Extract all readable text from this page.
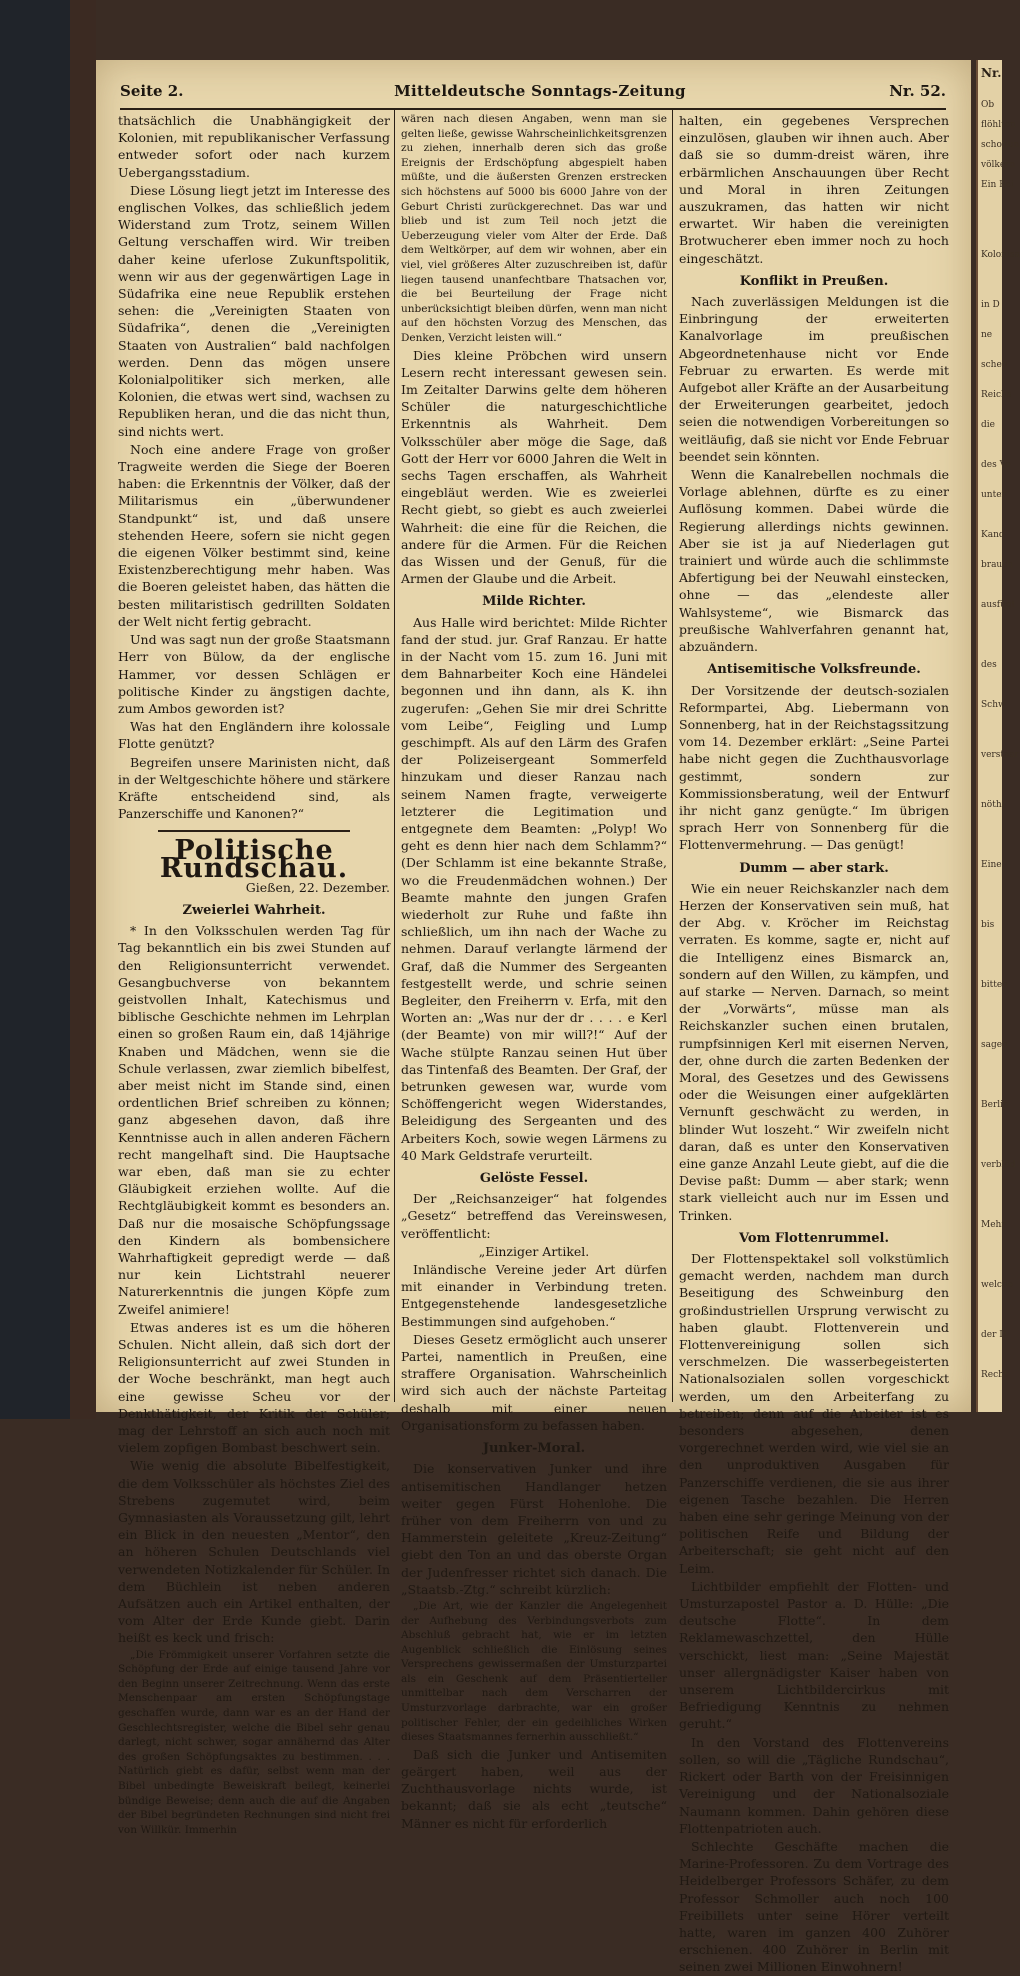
Seite 2.	Mitteldeutsche Sonntags-Zeitung	Nr. 52.

thatsächlich die Unabhängigkeit der Kolonien, mit republikanischer Verfassung entweder sofort oder nach kurzem Uebergangsstadium.

Diese Lösung liegt jetzt im Interesse des englischen Volkes, das schließlich jedem Widerstand zum Trotz, seinem Willen Geltung verschaffen wird. Wir treiben daher keine uferlose Zukunftspolitik, wenn wir aus der gegenwärtigen Lage in Südafrika eine neue Republik erstehen sehen: die „Vereinigten Staaten von Südafrika“, denen die „Vereinigten Staaten von Australien“ bald nachfolgen werden. Denn das mögen unsere Kolonialpolitiker sich merken, alle Kolonien, die etwas wert sind, wachsen zu Republiken heran, und die das nicht thun, sind nichts wert.

Noch eine andere Frage von großer Tragweite werden die Siege der Boeren haben: die Erkenntnis der Völker, daß der Militarismus ein „überwundener Standpunkt“ ist, und daß unsere stehenden Heere, sofern sie nicht gegen die eigenen Völker bestimmt sind, keine Existenzberechtigung mehr haben. Was die Boeren geleistet haben, das hätten die besten militaristisch gedrillten Soldaten der Welt nicht fertig gebracht.

Und was sagt nun der große Staatsmann Herr von Bülow, da der englische Hammer, vor dessen Schlägen er politische Kinder zu ängstigen dachte, zum Ambos geworden ist?

Was hat den Engländern ihre kolossale Flotte genützt?

Begreifen unsere Marinisten nicht, daß in der Weltgeschichte höhere und stärkere Kräfte entscheidend sind, als Panzerschiffe und Kanonen?“

Politische Rundschau.

Gießen, 22. Dezember.

Zweierlei Wahrheit.

* In den Volksschulen werden Tag für Tag bekanntlich ein bis zwei Stunden auf den Religionsunterricht verwendet. Gesangbuchverse von bekanntem geistvollen Inhalt, Katechismus und biblische Geschichte nehmen im Lehrplan einen so großen Raum ein, daß 14jährige Knaben und Mädchen, wenn sie die Schule verlassen, zwar ziemlich bibelfest, aber meist nicht im Stande sind, einen ordentlichen Brief schreiben zu können; ganz abgesehen davon, daß ihre Kenntnisse auch in allen anderen Fächern recht mangelhaft sind. Die Hauptsache war eben, daß man sie zu echter Gläubigkeit erziehen wollte. Auf die Rechtgläubigkeit kommt es besonders an. Daß nur die mosaische Schöpfungssage den Kindern als bombensichere Wahrhaftigkeit gepredigt werde — daß nur kein Lichtstrahl neuerer Naturerkenntnis die jungen Köpfe zum Zweifel animiere!

Etwas anderes ist es um die höheren Schulen. Nicht allein, daß sich dort der Religionsunterricht auf zwei Stunden in der Woche beschränkt, man hegt auch eine gewisse Scheu vor der Denkthätigkeit, der Kritik der Schüler; mag der Lehrstoff an sich auch noch mit vielem zopfigen Bombast beschwert sein.

Wie wenig die absolute Bibelfestigkeit, die dem Volksschüler als höchstes Ziel des Strebens zugemutet wird, beim Gymnasiasten als Voraussetzung gilt, lehrt ein Blick in den neuesten „Mentor“, den an höheren Schulen Deutschlands viel verwendeten Notizkalender für Schüler. In dem Büchlein ist neben anderen Aufsätzen auch ein Artikel enthalten, der vom Alter der Erde Kunde giebt. Darin heißt es keck und frisch:

„Die Frömmigkeit unserer Vorfahren setzte die Schöpfung der Erde auf einige tausend Jahre vor den Beginn unserer Zeitrechnung. Wenn das erste Menschenpaar am ersten Schöpfungstage geschaffen wurde, dann war es an der Hand der Geschlechtsregister, welche die Bibel sehr genau darlegt, nicht schwer, sogar annähernd das Alter des großen Schöpfungsaktes zu bestimmen. . . . Natürlich giebt es dafür, selbst wenn man der Bibel unbedingte Beweiskraft beilegt, keinerlei bündige Beweise; denn auch die auf die Angaben der Bibel begründeten Rechnungen sind nicht frei von Willkür. Immerhin

wären nach diesen Angaben, wenn man sie gelten ließe, gewisse Wahrscheinlichkeitsgrenzen zu ziehen, innerhalb deren sich das große Ereignis der Erdschöpfung abgespielt haben müßte, und die äußersten Grenzen erstrecken sich höchstens auf 5000 bis 6000 Jahre von der Geburt Christi zurückgerechnet. Das war und blieb und ist zum Teil noch jetzt die Ueberzeugung vieler vom Alter der Erde. Daß dem Weltkörper, auf dem wir wohnen, aber ein viel, viel größeres Alter zuzuschreiben ist, dafür liegen tausend unanfechtbare Thatsachen vor, die bei Beurteilung der Frage nicht unberücksichtigt bleiben dürfen, wenn man nicht auf den höchsten Vorzug des Menschen, das Denken, Verzicht leisten will.“

Dies kleine Pröbchen wird unsern Lesern recht interessant gewesen sein. Im Zeitalter Darwins gelte dem höheren Schüler die naturgeschichtliche Erkenntnis als Wahrheit. Dem Volksschüler aber möge die Sage, daß Gott der Herr vor 6000 Jahren die Welt in sechs Tagen erschaffen, als Wahrheit eingebläut werden. Wie es zweierlei Recht giebt, so giebt es auch zweierlei Wahrheit: die eine für die Reichen, die andere für die Armen. Für die Reichen das Wissen und der Genuß, für die Armen der Glaube und die Arbeit.

Milde Richter.

Aus Halle wird berichtet: Milde Richter fand der stud. jur. Graf Ranzau. Er hatte in der Nacht vom 15. zum 16. Juni mit dem Bahnarbeiter Koch eine Händelei begonnen und ihn dann, als K. ihn zugerufen: „Gehen Sie mir drei Schritte vom Leibe“, Feigling und Lump geschimpft. Als auf den Lärm des Grafen der Polizeisergeant Sommerfeld hinzukam und dieser Ranzau nach seinem Namen fragte, verweigerte letzterer die Legitimation und entgegnete dem Beamten: „Polyp! Wo geht es denn hier nach dem Schlamm?“ (Der Schlamm ist eine bekannte Straße, wo die Freudenmädchen wohnen.) Der Beamte mahnte den jungen Grafen wiederholt zur Ruhe und faßte ihn schließlich, um ihn nach der Wache zu nehmen. Darauf verlangte lärmend der Graf, daß die Nummer des Sergeanten festgestellt werde, und schrie seinen Begleiter, den Freiherrn v. Erfa, mit den Worten an: „Was nur der dr . . . . e Kerl (der Beamte) von mir will?!“ Auf der Wache stülpte Ranzau seinen Hut über das Tintenfaß des Beamten. Der Graf, der betrunken gewesen war, wurde vom Schöffengericht wegen Widerstandes, Beleidigung des Sergeanten und des Arbeiters Koch, sowie wegen Lärmens zu 40 Mark Geldstrafe verurteilt.

Gelöste Fessel.

Der „Reichsanzeiger“ hat folgendes „Gesetz“ betreffend das Vereinswesen, veröffentlicht:

„Einziger Artikel.

Inländische Vereine jeder Art dürfen mit einander in Verbindung treten. Entgegenstehende landesgesetzliche Bestimmungen sind aufgehoben.“

Dieses Gesetz ermöglicht auch unserer Partei, namentlich in Preußen, eine straffere Organisation. Wahrscheinlich wird sich auch der nächste Parteitag deshalb mit einer neuen Organisationsform zu befassen haben.

Junker-Moral.

Die konservativen Junker und ihre antisemitischen Handlanger hetzen weiter gegen Fürst Hohenlohe. Die früher von dem Freiherrn von und zu Hammerstein geleitete „Kreuz-Zeitung“ giebt den Ton an und das oberste Organ der Judenfresser richtet sich danach. Die „Staatsb.-Ztg.“ schreibt kürzlich:

„Die Art, wie der Kanzler die Angelegenheit der Aufhebung des Verbindungsverbots zum Abschluß gebracht hat, wie er im letzten Augenblick schließlich die Einlösung seines Versprechens gewissermaßen der Umsturzpartei als ein Geschenk auf dem Präsentierteller unmittelbar nach dem Verscharren der Umsturzvorlage darbrachte, war ein großer politischer Fehler, der ein gedeihliches Wirken dieses Staatsmannes fernerhin ausschließt.“

Daß sich die Junker und Antisemiten geärgert haben, weil aus der Zuchthausvorlage nichts wurde, ist bekannt; daß sie als echt „teutsche“ Männer es nicht für erforderlich

halten, ein gegebenes Versprechen einzulösen, glauben wir ihnen auch. Aber daß sie so dumm-dreist wären, ihre erbärmlichen Anschauungen über Recht und Moral in ihren Zeitungen auszukramen, das hatten wir nicht erwartet. Wir haben die vereinigten Brotwucherer eben immer noch zu hoch eingeschätzt.

Konflikt in Preußen.

Nach zuverlässigen Meldungen ist die Einbringung der erweiterten Kanalvorlage im preußischen Abgeordnetenhause nicht vor Ende Februar zu erwarten. Es werde mit Aufgebot aller Kräfte an der Ausarbeitung der Erweiterungen gearbeitet, jedoch seien die notwendigen Vorbereitungen so weitläufig, daß sie nicht vor Ende Februar beendet sein könnten.

Wenn die Kanalrebellen nochmals die Vorlage ablehnen, dürfte es zu einer Auflösung kommen. Dabei würde die Regierung allerdings nichts gewinnen. Aber sie ist ja auf Niederlagen gut trainiert und würde auch die schlimmste Abfertigung bei der Neuwahl einstecken, ohne — das „elendeste aller Wahlsysteme“, wie Bismarck das preußische Wahlverfahren genannt hat, abzuändern.

Antisemitische Volksfreunde.

Der Vorsitzende der deutsch-sozialen Reformpartei, Abg. Liebermann von Sonnenberg, hat in der Reichstagssitzung vom 14. Dezember erklärt: „Seine Partei habe nicht gegen die Zuchthausvorlage gestimmt, sondern zur Kommissionsberatung, weil der Entwurf ihr nicht ganz genügte.“ Im übrigen sprach Herr von Sonnenberg für die Flottenvermehrung. — Das genügt!

Dumm — aber stark.

Wie ein neuer Reichskanzler nach dem Herzen der Konservativen sein muß, hat der Abg. v. Kröcher im Reichstag verraten. Es komme, sagte er, nicht auf die Intelligenz eines Bismarck an, sondern auf den Willen, zu kämpfen, und auf starke — Nerven. Darnach, so meint der „Vorwärts“, müsse man als Reichskanzler suchen einen brutalen, rumpfsinnigen Kerl mit eisernen Nerven, der, ohne durch die zarten Bedenken der Moral, des Gesetzes und des Gewissens oder die Weisungen einer aufgeklärten Vernunft geschwächt zu werden, in blinder Wut loszeht.“ Wir zweifeln nicht daran, daß es unter den Konservativen eine ganze Anzahl Leute giebt, auf die die Devise paßt: Dumm — aber stark; wenn stark vielleicht auch nur im Essen und Trinken.

Vom Flottenrummel.

Der Flottenspektakel soll volkstümlich gemacht werden, nachdem man durch Beseitigung des Schweinburg den großindustriellen Ursprung verwischt zu haben glaubt. Flottenverein und Flottenvereinigung sollen sich verschmelzen. Die wasserbegeisterten Nationalsozialen sollen vorgeschickt werden, um den Arbeiterfang zu betreiben; denn auf die Arbeiter ist es besonders abgesehen, denen vorgerechnet werden wird, wie viel sie an den unproduktiven Ausgaben für Panzerschiffe verdienen, die sie aus ihrer eigenen Tasche bezahlen. Die Herren haben eine sehr geringe Meinung von der politischen Reife und Bildung der Arbeiterschaft; sie geht nicht auf den Leim.

Lichtbilder empfiehlt der Flotten- und Umsturzapostel Pastor a. D. Hülle: „Die deutsche Flotte“. In dem Reklamewaschzettel, den Hülle verschickt, liest man: „Seine Majestät unser allergnädigster Kaiser haben von unserem Lichtbildercirkus mit Befriedigung Kenntnis zu nehmen geruht.“

In den Vorstand des Flottenvereins sollen, so will die „Tägliche Rundschau“, Rickert oder Barth von der Freisinnigen Vereinigung und der Nationalsoziale Naumann kommen. Dahin gehören diese Flottenpatrioten auch.

Schlechte Geschäfte machen die Marine-Professoren. Zu dem Vortrage des Heidelberger Professors Schäfer, zu dem Professor Schmoller auch noch 100 Freibillets unter seine Hörer verteilt hatte, waren im ganzen 400 Zuhörer erschienen. 400 Zuhörer in Berlin mit seinen zwei Millionen Einwohnern!

Nr.
Ob
flöhlten
schonun
völkern
Ein Bei
Kolonisa
in D
ne
schen
Reichs
die
des Vo
unter
Kand
brauch
ausfügt
des
Schw
verstaar
nöthi
Eine
bis
bitten
sagen
Berlin
verblöd
Mehr
welche
der D
Recht
